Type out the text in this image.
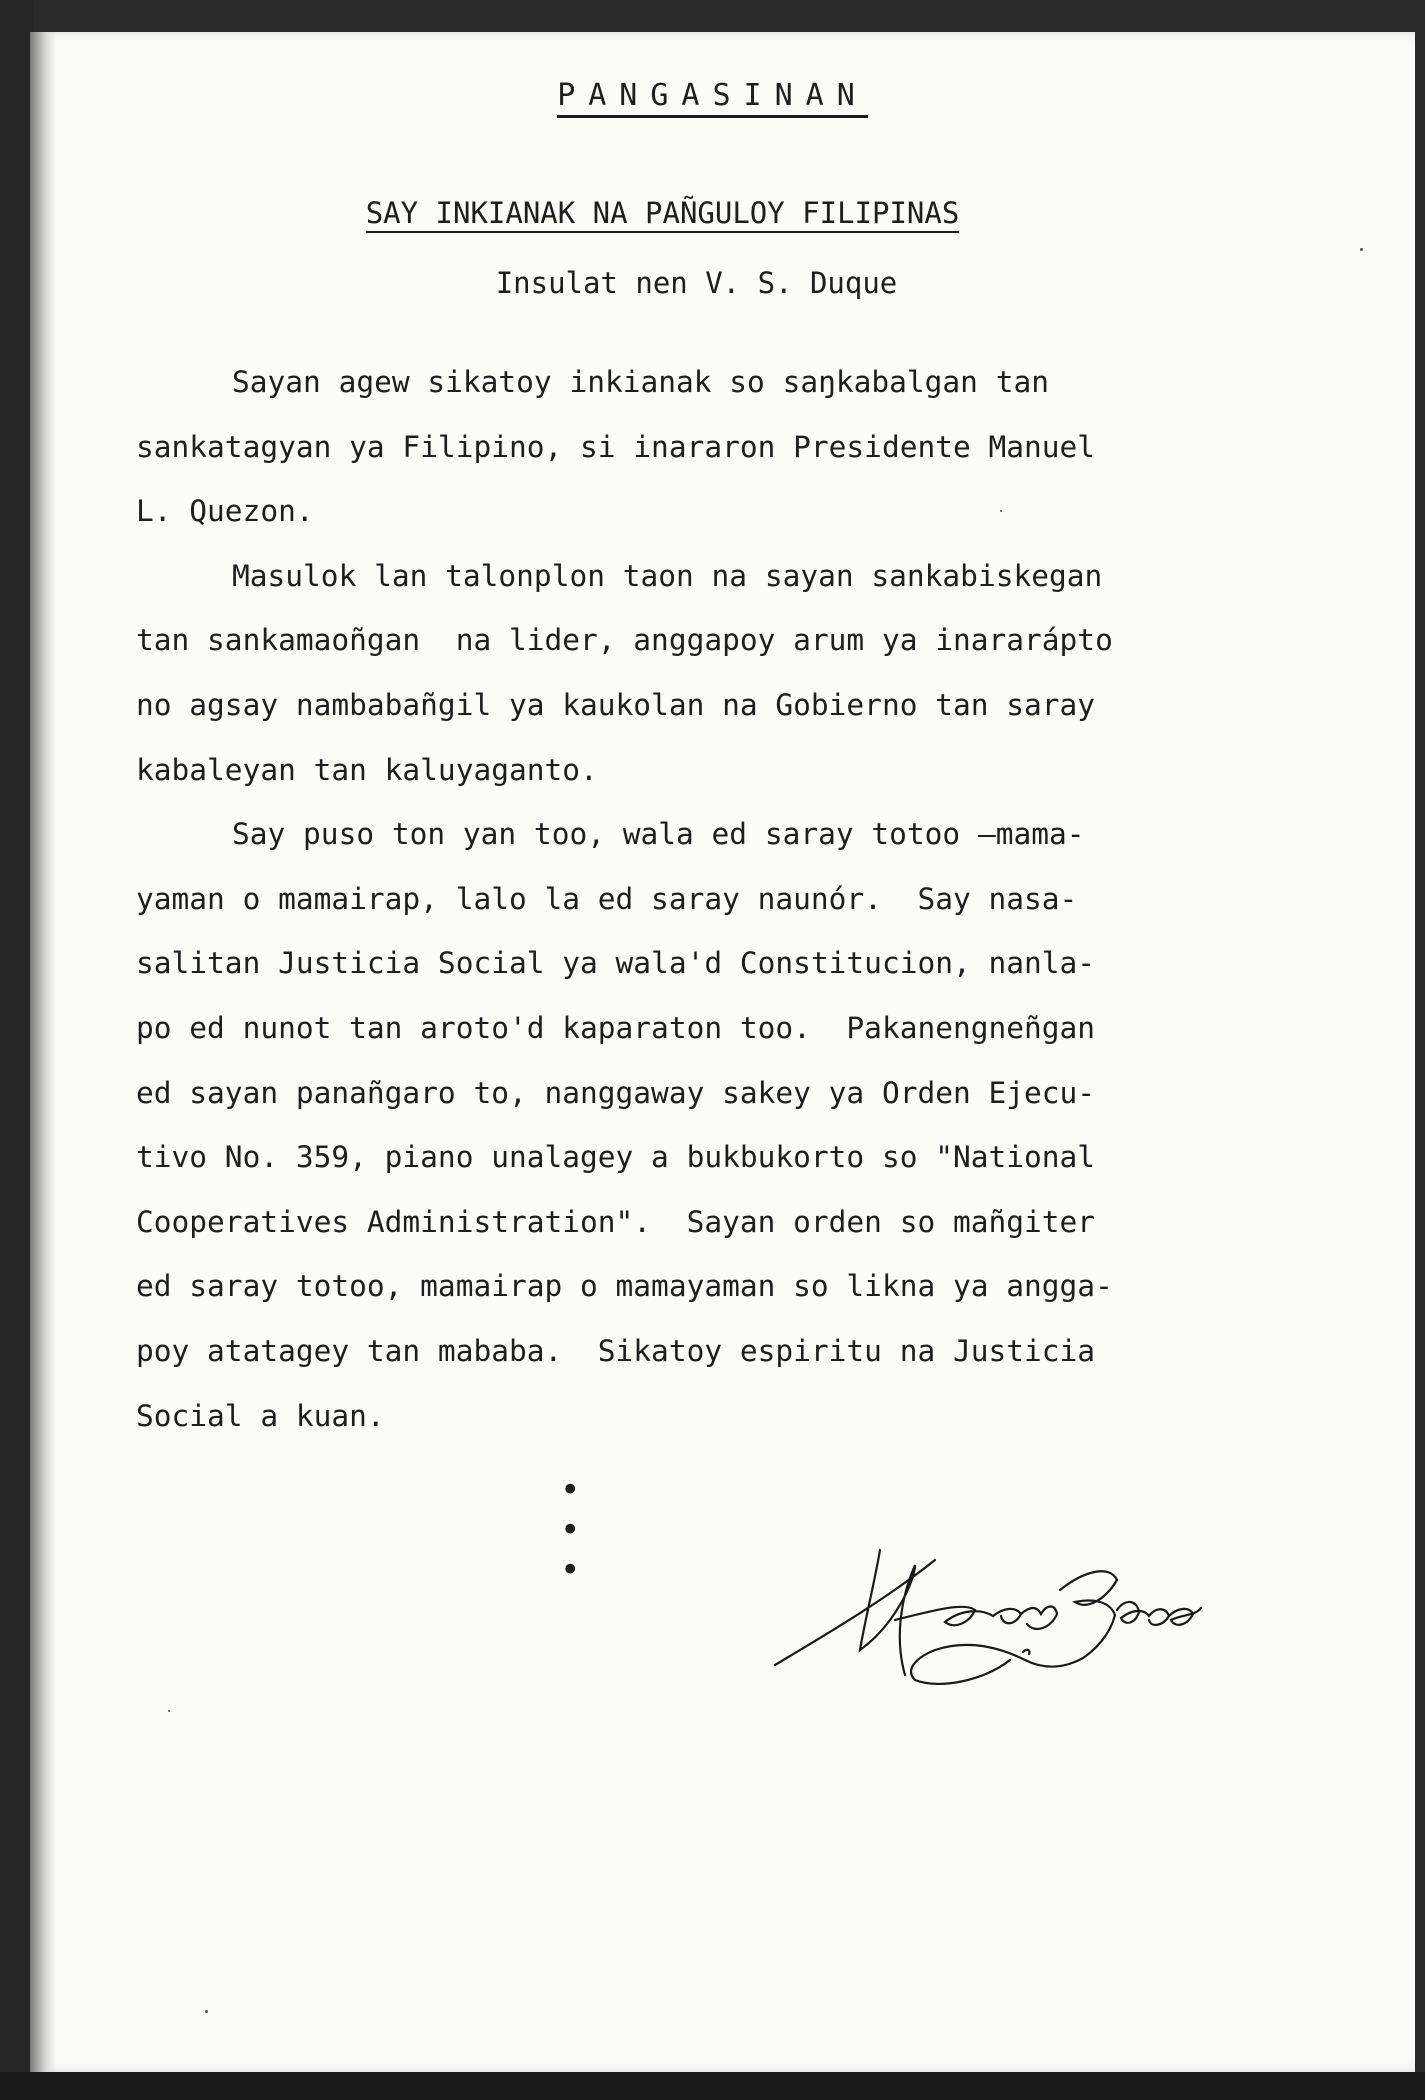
PANGASINAN
SAY INKIANAK NA PAÑGULOY FILIPINAS
Insulat nen V. S. Duque
Sayan agew sikatoy inkianak so saŋkabalgan tan
sankatagyan ya Filipino, si inararon Presidente Manuel
L. Quezon.
Masulok lan talonplon taon na sayan sankabiskegan
tan sankamaoñgan  na lider, anggapoy arum ya inararápto
no agsay nambabañgil ya kaukolan na Gobierno tan saray
kabaleyan tan kaluyaganto.
Say puso ton yan too, wala ed saray totoo —mama-
yaman o mamairap, lalo la ed saray naunór.  Say nasa-
salitan Justicia Social ya wala'd Constitucion, nanla-
po ed nunot tan aroto'd kaparaton too.  Pakanengneñgan
ed sayan panañgaro to, nanggaway sakey ya Orden Ejecu-
tivo No. 359, piano unalagey a bukbukorto so "National
Cooperatives Administration".  Sayan orden so mañgiter
ed saray totoo, mamairap o mamayaman so likna ya angga-
poy atatagey tan mababa.  Sikatoy espiritu na Justicia
Social a kuan.
• • •
